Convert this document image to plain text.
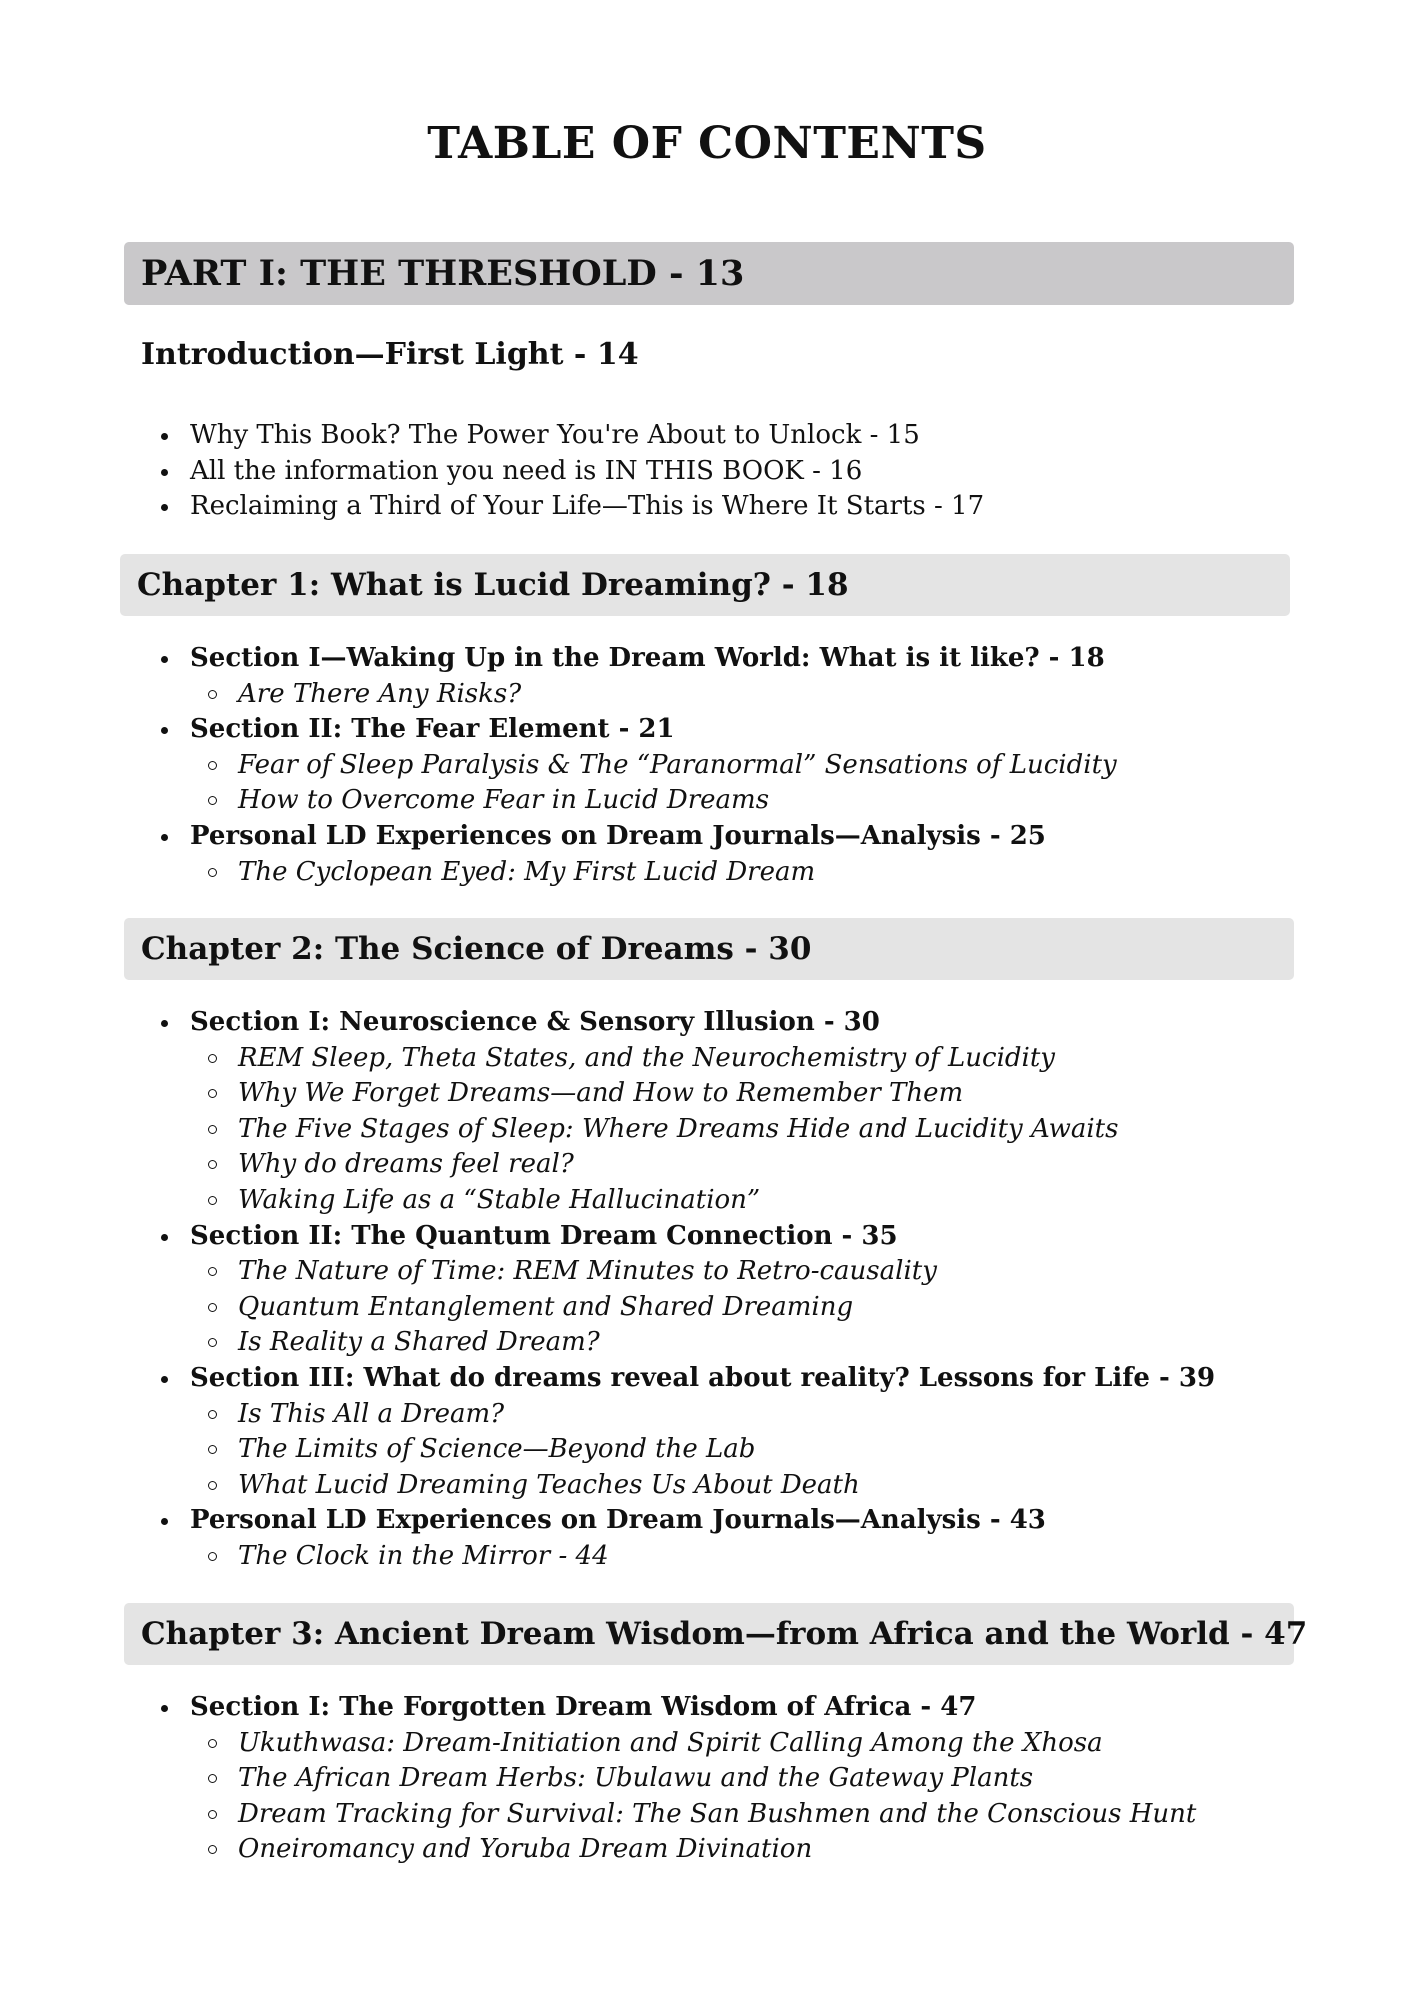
TABLE OF CONTENTS
PART I: THE THRESHOLD - 13
Introduction—First Light - 14
Why This Book? The Power You're About to Unlock - 15
All the information you need is IN THIS BOOK - 16
Reclaiming a Third of Your Life—This is Where It Starts - 17
Chapter 1: What is Lucid Dreaming? - 18
Section I—Waking Up in the Dream World: What is it like? - 18
Are There Any Risks?
Section II: The Fear Element - 21
Fear of Sleep Paralysis & The “Paranormal” Sensations of Lucidity
How to Overcome Fear in Lucid Dreams
Personal LD Experiences on Dream Journals—Analysis - 25
The Cyclopean Eyed: My First Lucid Dream
Chapter 2: The Science of Dreams - 30
Section I: Neuroscience & Sensory Illusion - 30
REM Sleep, Theta States, and the Neurochemistry of Lucidity
Why We Forget Dreams—and How to Remember Them
The Five Stages of Sleep: Where Dreams Hide and Lucidity Awaits
Why do dreams feel real?
Waking Life as a “Stable Hallucination”
Section II: The Quantum Dream Connection - 35
The Nature of Time: REM Minutes to Retro-causality
Quantum Entanglement and Shared Dreaming
Is Reality a Shared Dream?
Section III: What do dreams reveal about reality? Lessons for Life - 39
Is This All a Dream?
The Limits of Science—Beyond the Lab
What Lucid Dreaming Teaches Us About Death
Personal LD Experiences on Dream Journals—Analysis - 43
The Clock in the Mirror - 44
Chapter 3: Ancient Dream Wisdom—from Africa and the World - 47
Section I: The Forgotten Dream Wisdom of Africa - 47
Ukuthwasa: Dream-Initiation and Spirit Calling Among the Xhosa
The African Dream Herbs: Ubulawu and the Gateway Plants
Dream Tracking for Survival: The San Bushmen and the Conscious Hunt
Oneiromancy and Yoruba Dream Divination
